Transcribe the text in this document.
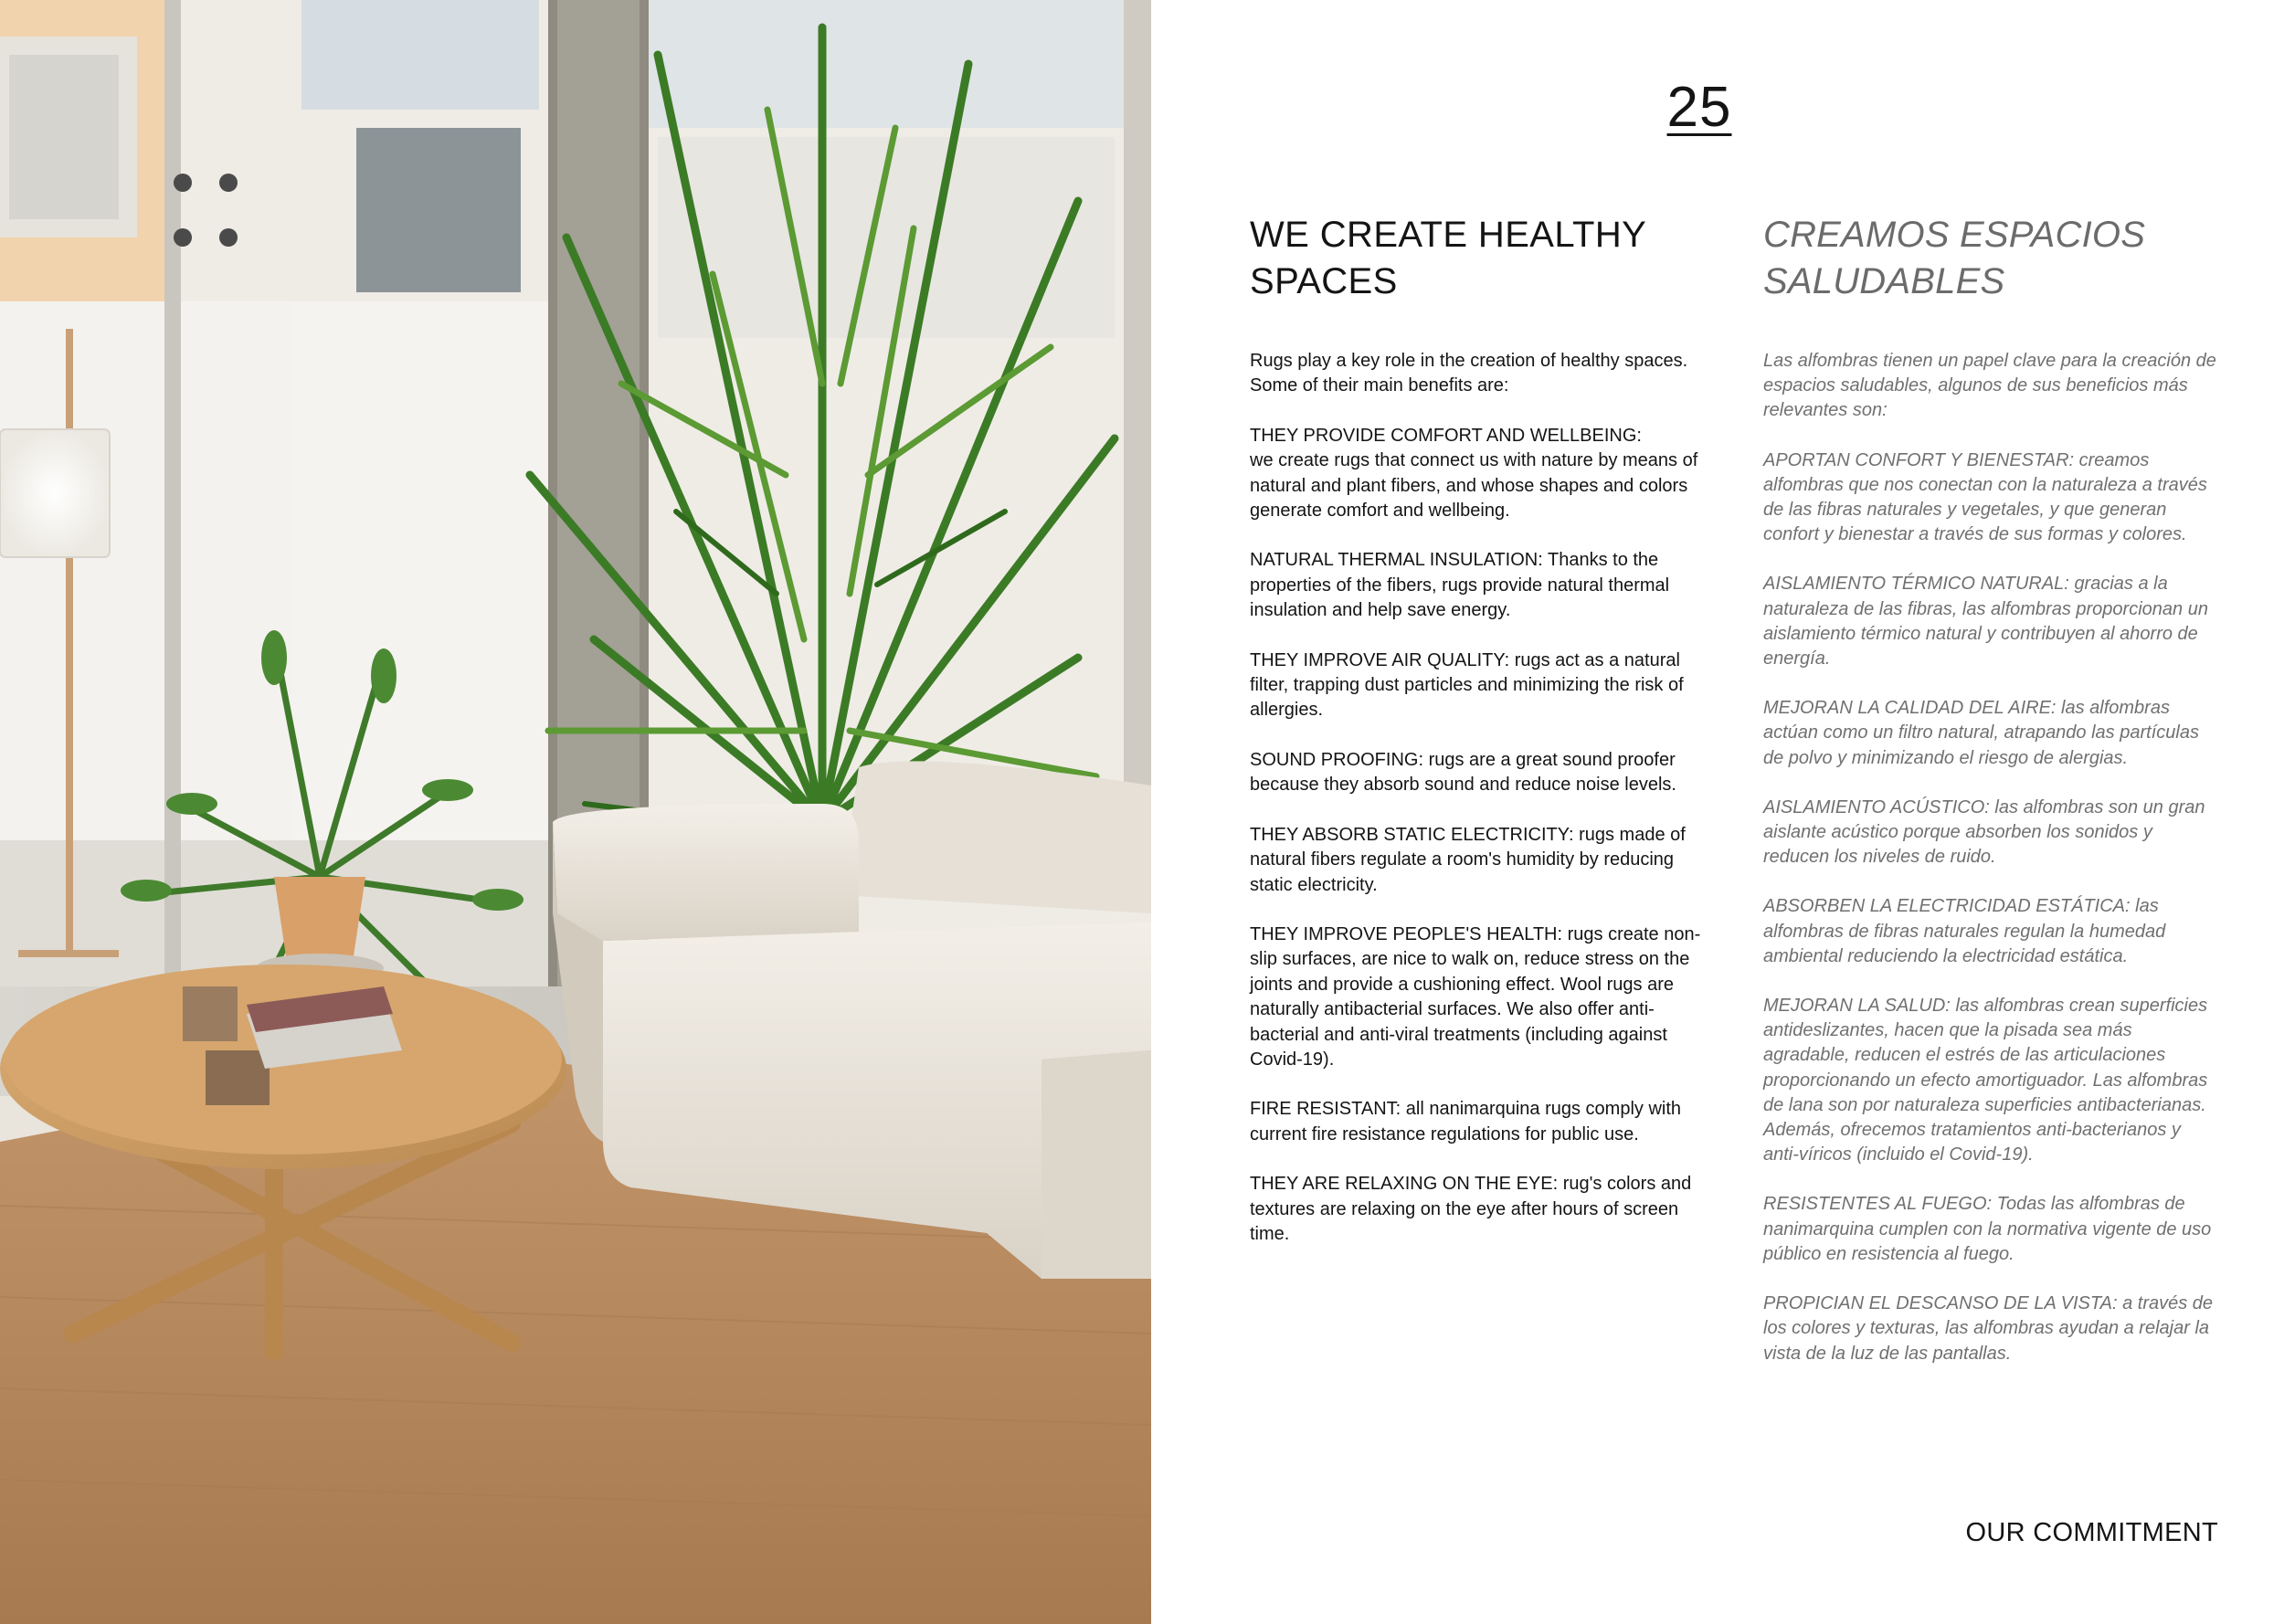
25
WE CREATE HEALTHY SPACES

Rugs play a key role in the creation of healthy spaces. Some of their main benefits are:

THEY PROVIDE COMFORT AND WELLBEING:
we create rugs that connect us with nature by means of natural and plant fibers, and whose shapes and colors generate comfort and wellbeing.

NATURAL THERMAL INSULATION: Thanks to the properties of the fibers, rugs provide natural thermal insulation and help save energy.

THEY IMPROVE AIR QUALITY: rugs act as a natural filter, trapping dust particles and minimizing the risk of allergies.

SOUND PROOFING: rugs are a great sound proofer because they absorb sound and reduce noise levels.

THEY ABSORB STATIC ELECTRICITY: rugs made of natural fibers regulate a room's humidity by reducing static electricity.

THEY IMPROVE PEOPLE'S HEALTH: rugs create non-slip surfaces, are nice to walk on, reduce stress on the joints and provide a cushioning effect. Wool rugs are naturally antibacterial surfaces. We also offer anti-bacterial and anti-viral treatments (including against Covid-19).

FIRE RESISTANT: all nanimarquina rugs comply with current fire resistance regulations for public use.

THEY ARE RELAXING ON THE EYE: rug's colors and textures are relaxing on the eye after hours of screen time.

CREAMOS ESPACIOS SALUDABLES

Las alfombras tienen un papel clave para la creación de espacios saludables, algunos de sus beneficios más relevantes son:

APORTAN CONFORT Y BIENESTAR: creamos alfombras que nos conectan con la naturaleza a través de las fibras naturales y vegetales, y que generan confort y bienestar a través de sus formas y colores.

AISLAMIENTO TÉRMICO NATURAL: gracias a la naturaleza de las fibras, las alfombras proporcionan un aislamiento térmico natural y contribuyen al ahorro de energía.

MEJORAN LA CALIDAD DEL AIRE: las alfombras actúan como un filtro natural, atrapando las partículas de polvo y minimizando el riesgo de alergias.

AISLAMIENTO ACÚSTICO: las alfombras son un gran aislante acústico porque absorben los sonidos y reducen los niveles de ruido.

ABSORBEN LA ELECTRICIDAD ESTÁTICA: las alfombras de fibras naturales regulan la humedad ambiental reduciendo la electricidad estática.

MEJORAN LA SALUD: las alfombras crean superficies antideslizantes, hacen que la pisada sea más agradable, reducen el estrés de las articulaciones proporcionando un efecto amortiguador. Las alfombras de lana son por naturaleza superficies antibacterianas. Además, ofrecemos tratamientos anti-bacterianos y anti-víricos (incluido el Covid-19).

RESISTENTES AL FUEGO: Todas las alfombras de nanimarquina cumplen con la normativa vigente de uso público en resistencia al fuego.

PROPICIAN EL DESCANSO DE LA VISTA: a través de los colores y texturas, las alfombras ayudan a relajar la vista de la luz de las pantallas.

OUR COMMITMENT
